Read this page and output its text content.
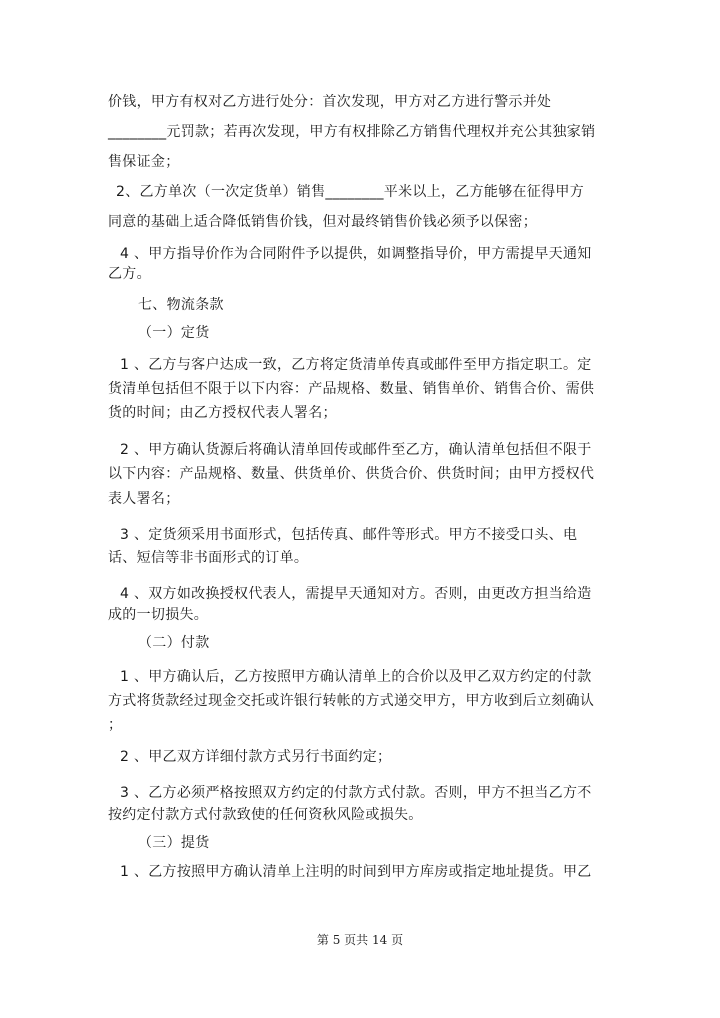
价钱，甲方有权对乙方进行处分：首次发现，甲方对乙方进行警示并处
________元罚款；若再次发现，甲方有权排除乙方销售代理权并充公其独家销
售保证金；
2、乙方单次（一次定货单）销售________平米以上，乙方能够在征得甲方
同意的基础上适合降低销售价钱，但对最终销售价钱必须予以保密；
4 、甲方指导价作为合同附件予以提供，如调整指导价，甲方需提早天通知
乙方。
七、物流条款
（一）定货
1 、乙方与客户达成一致，乙方将定货清单传真或邮件至甲方指定职工。定
货清单包括但不限于以下内容：产品规格、数量、销售单价、销售合价、需供
货的时间；由乙方授权代表人署名；
2 、甲方确认货源后将确认清单回传或邮件至乙方，确认清单包括但不限于
以下内容：产品规格、数量、供货单价、供货合价、供货时间；由甲方授权代
表人署名；
3 、定货须采用书面形式，包括传真、邮件等形式。甲方不接受口头、电
话、短信等非书面形式的订单。
4 、双方如改换授权代表人，需提早天通知对方。否则，由更改方担当给造
成的一切损失。
（二）付款
1 、甲方确认后，乙方按照甲方确认清单上的合价以及甲乙双方约定的付款
方式将货款经过现金交托或许银行转帐的方式递交甲方，甲方收到后立刻确认
；
2 、甲乙双方详细付款方式另行书面约定；
3 、乙方必须严格按照双方约定的付款方式付款。否则，甲方不担当乙方不
按约定付款方式付款致使的任何资秋风险或损失。
（三）提货
1 、乙方按照甲方确认清单上注明的时间到甲方库房或指定地址提货。甲乙
第 5 页共 14 页
